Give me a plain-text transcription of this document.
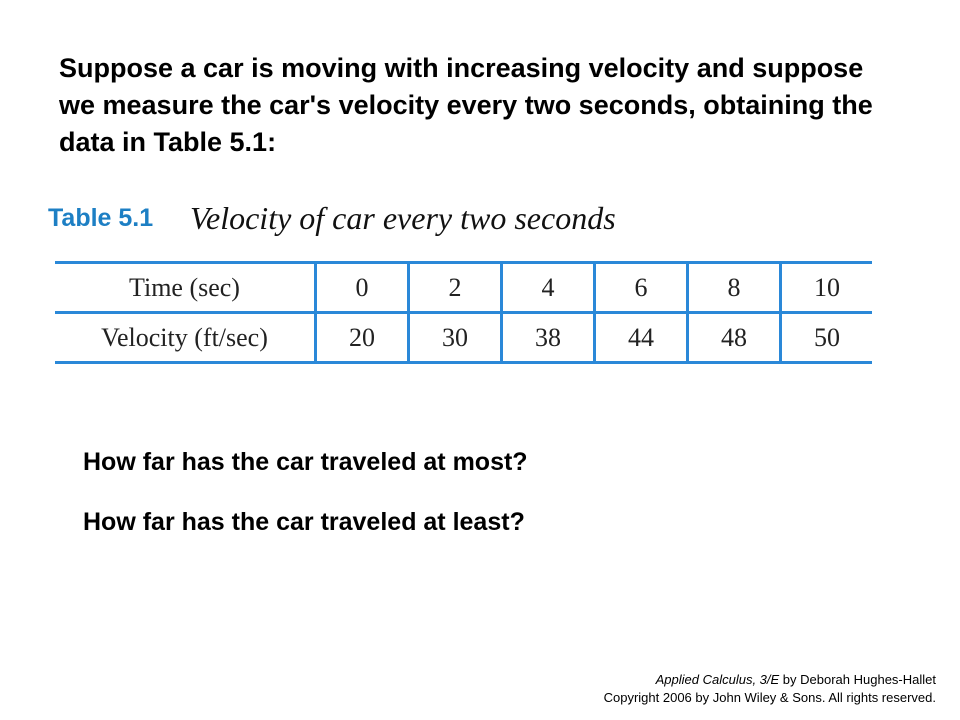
Suppose a car is moving with increasing velocity and suppose we measure the car's velocity every two seconds, obtaining the data in Table 5.1:

Table 5.1 Velocity of car every two seconds
Time (sec)	0	2	4	6	8	10
Velocity (ft/sec)	20	30	38	44	48	50

How far has the car traveled at most?

How far has the car traveled at least?

Applied Calculus, 3/E by Deborah Hughes-Hallet
Copyright 2006 by John Wiley & Sons. All rights reserved.
